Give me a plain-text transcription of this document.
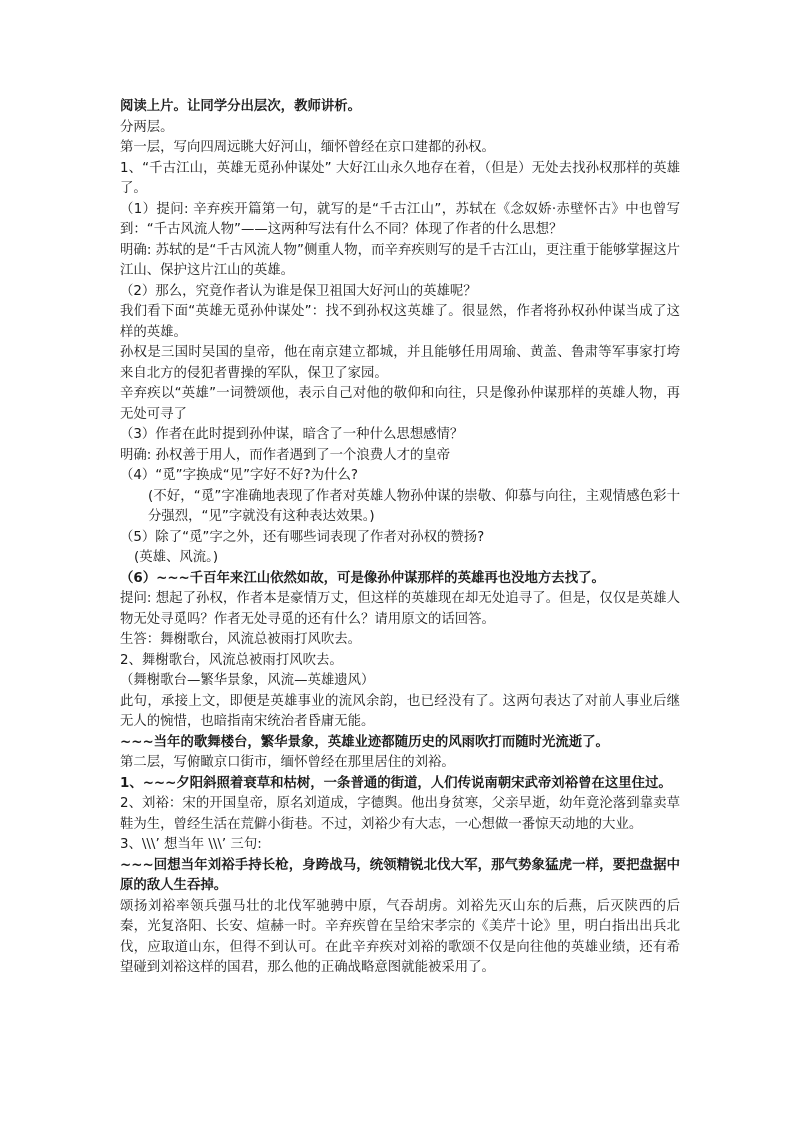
阅读上片。让同学分出层次，教师讲析。

分两层。

第一层，写向四周远眺大好河山，缅怀曾经在京口建都的孙权。

1、“千古江山，英雄无觅孙仲谋处” 大好江山永久地存在着，（但是）无处去找孙权那样的英雄了。

（1）提问: 辛弃疾开篇第一句，就写的是“千古江山”，苏轼在《念奴娇·赤壁怀古》中也曾写到：“千古风流人物”——这两种写法有什么不同？体现了作者的什么思想？

明确: 苏轼的是“千古风流人物”侧重人物，而辛弃疾则写的是千古江山，更注重于能够掌握这片江山、保护这片江山的英雄。

（2）那么，究竟作者认为谁是保卫祖国大好河山的英雄呢？

我们看下面“英雄无觅孙仲谋处”：找不到孙权这英雄了。很显然，作者将孙权孙仲谋当成了这样的英雄。

孙权是三国时吴国的皇帝，他在南京建立都城，并且能够任用周瑜、黄盖、鲁肃等军事家打垮来自北方的侵犯者曹操的军队，保卫了家园。

辛弃疾以“英雄”一词赞颂他，表示自己对他的敬仰和向往，只是像孙仲谋那样的英雄人物，再无处可寻了

（3）作者在此时提到孙仲谋，暗含了一种什么思想感情？

明确: 孙权善于用人，而作者遇到了一个浪费人才的皇帝

（4）“觅”字换成“见”字好不好?为什么?

(不好，“觅”字准确地表现了作者对英雄人物孙仲谋的崇敬、仰慕与向往，主观情感色彩十分强烈，“见”字就没有这种表达效果。)

（5）除了“觅”字之外，还有哪些词表现了作者对孙权的赞扬?

(英雄、风流。)

（6）~~~千百年来江山依然如故，可是像孙仲谋那样的英雄再也没地方去找了。

提问: 想起了孙权，作者本是豪情万丈，但这样的英雄现在却无处追寻了。但是，仅仅是英雄人物无处寻觅吗？作者无处寻觅的还有什么？请用原文的话回答。

生答：舞榭歌台，风流总被雨打风吹去。

2、舞榭歌台，风流总被雨打风吹去。

（舞榭歌台—繁华景象，风流—英雄遗风）

此句，承接上文，即便是英雄事业的流风余韵，也已经没有了。这两句表达了对前人事业后继无人的惋惜，也暗指南宋统治者昏庸无能。

~~~当年的歌舞楼台，繁华景象，英雄业迹都随历史的风雨吹打而随时光流逝了。

第二层，写俯瞰京口街市，缅怀曾经在那里居住的刘裕。

1、~~~夕阳斜照着衰草和枯树，一条普通的街道，人们传说南朝宋武帝刘裕曾在这里住过。

2、刘裕：宋的开国皇帝，原名刘道成，字德舆。他出身贫寒，父亲早逝，幼年竟沦落到靠卖草鞋为生，曾经生活在荒僻小街巷。不过，刘裕少有大志，一心想做一番惊天动地的大业。

3、\\\’ 想当年 \\\’ 三句:

~~~回想当年刘裕手持长枪，身跨战马，统领精锐北伐大军，那气势象猛虎一样，要把盘据中原的敌人生吞掉。

颂扬刘裕率领兵强马壮的北伐军驰骋中原，气吞胡虏。刘裕先灭山东的后燕，后灭陕西的后秦，光复洛阳、长安、煊赫一时。辛弃疾曾在呈给宋孝宗的《美芹十论》里，明白指出出兵北伐，应取道山东，但得不到认可。在此辛弃疾对刘裕的歌颂不仅是向往他的英雄业绩，还有希望碰到刘裕这样的国君，那么他的正确战略意图就能被采用了。
